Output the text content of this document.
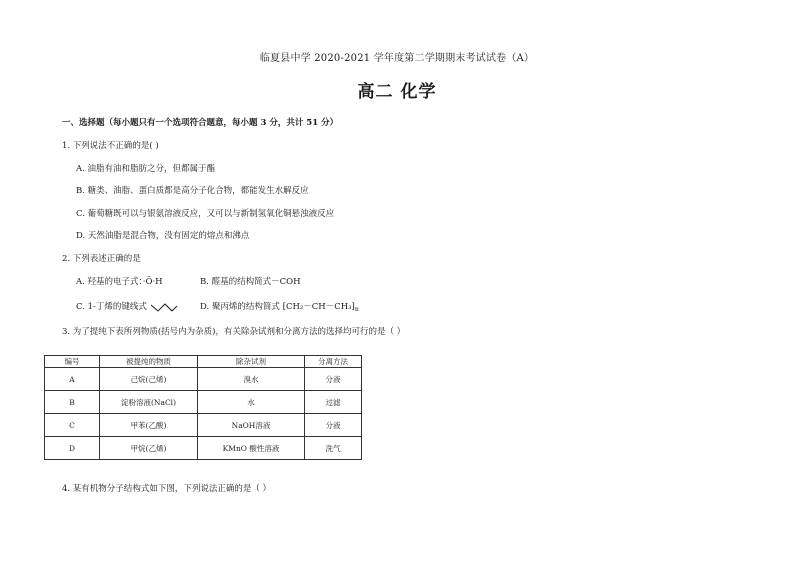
临夏县中学 2020-2021 学年度第二学期期末考试试卷（A）
高二 化学
一、选择题（每小题只有一个选项符合题意，每小题 3 分，共计 51 分）
1. 下列说法不正确的是( )
A. 油脂有油和脂肪之分，但都属于酯
B. 糖类、油脂、蛋白质都是高分子化合物，都能发生水解反应
C. 葡萄糖既可以与银氨溶液反应，又可以与新制氢氧化铜悬浊液反应
D. 天然油脂是混合物，没有固定的熔点和沸点
2. 下列表述正确的是
A. 羟基的电子式：·Ö·H	B. 醛基的结构简式－COH
C. 1-丁烯的键线式	D. 聚丙烯的结构简式 $[CH_2-CH-CH_3]_n$
3. 为了提纯下表所列物质(括号内为杂质)，有关除杂试剂和分离方法的选择均可行的是（ ）
编号	被提纯的物质	除杂试剂	分离方法
A	己烷(己烯)	溴水	分液
B	淀粉溶液(NaCl)	水	过滤
C	甲苯(乙酸)	NaOH溶液	分液
D	甲烷(乙烯)	KMnO 酸性溶液	洗气
4. 某有机物分子结构式如下图，下列说法正确的是（ ）
